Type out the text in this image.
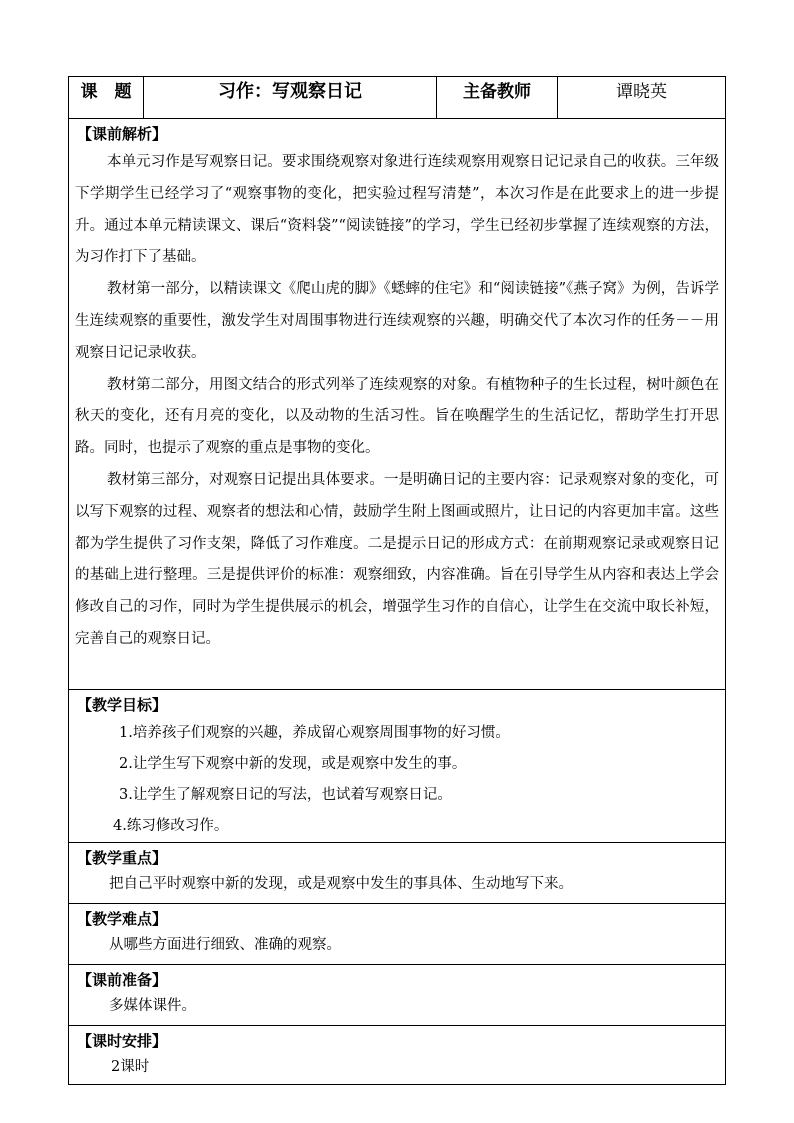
课　题	习作：写观察日记	主备教师	谭晓英

【课前解析】

本单元习作是写观察日记。要求围绕观察对象进行连续观察用观察日记记录自己的收获。三年级下学期学生已经学习了“观察事物的变化，把实验过程写清楚”，本次习作是在此要求上的进一步提升。通过本单元精读课文、课后“资料袋”“阅读链接”的学习，学生已经初步掌握了连续观察的方法，为习作打下了基础。

教材第一部分，以精读课文《爬山虎的脚》《蟋蟀的住宅》和“阅读链接”《燕子窝》为例，告诉学生连续观察的重要性，激发学生对周围事物进行连续观察的兴趣，明确交代了本次习作的任务－－用观察日记记录收获。

教材第二部分，用图文结合的形式列举了连续观察的对象。有植物种子的生长过程，树叶颜色在秋天的变化，还有月亮的变化，以及动物的生活习性。旨在唤醒学生的生活记忆，帮助学生打开思路。同时，也提示了观察的重点是事物的变化。

教材第三部分，对观察日记提出具体要求。一是明确日记的主要内容：记录观察对象的变化，可以写下观察的过程、观察者的想法和心情，鼓励学生附上图画或照片，让日记的内容更加丰富。这些都为学生提供了习作支架，降低了习作难度。二是提示日记的形成方式：在前期观察记录或观察日记的基础上进行整理。三是提供评价的标准：观察细致，内容准确。旨在引导学生从内容和表达上学会修改自己的习作，同时为学生提供展示的机会，增强学生习作的自信心，让学生在交流中取长补短，完善自己的观察日记。

【教学目标】
1.培养孩子们观察的兴趣，养成留心观察周围事物的好习惯。
2.让学生写下观察中新的发现，或是观察中发生的事。
3.让学生了解观察日记的写法，也试着写观察日记。
4.练习修改习作。

【教学重点】
把自己平时观察中新的发现，或是观察中发生的事具体、生动地写下来。

【教学难点】
从哪些方面进行细致、准确的观察。

【课前准备】
多媒体课件。

【课时安排】
2课时
